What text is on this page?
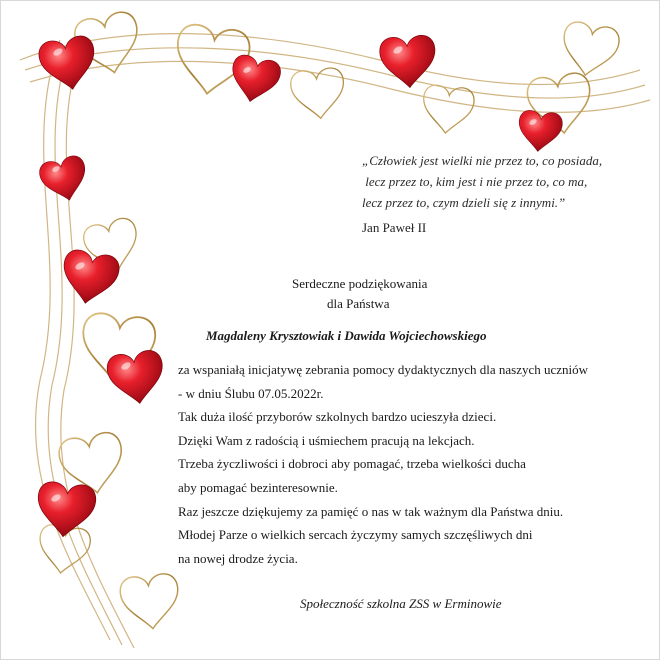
„Człowiek jest wielki nie przez to, co posiada,
lecz przez to, kim jest i nie przez to, co ma,
lecz przez to, czym dzieli się z innymi.”
Jan Paweł II
Serdeczne podziękowania
dla Państwa
Magdaleny Krysztowiak i Dawida Wojciechowskiego
za wspaniałą inicjatywę zebrania pomocy dydaktycznych dla naszych uczniów
- w dniu Ślubu 07.05.2022r.
Tak duża ilość przyborów szkolnych bardzo ucieszyła dzieci.
Dzięki Wam z radością i uśmiechem pracują na lekcjach.
Trzeba życzliwości i dobroci aby pomagać, trzeba wielkości ducha
aby pomagać bezinteresownie.
Raz jeszcze dziękujemy za pamięć o nas w tak ważnym dla Państwa dniu.
Młodej Parze o wielkich sercach życzymy samych szczęśliwych dni
na nowej drodze życia.
Społeczność szkolna ZSS w Erminowie
